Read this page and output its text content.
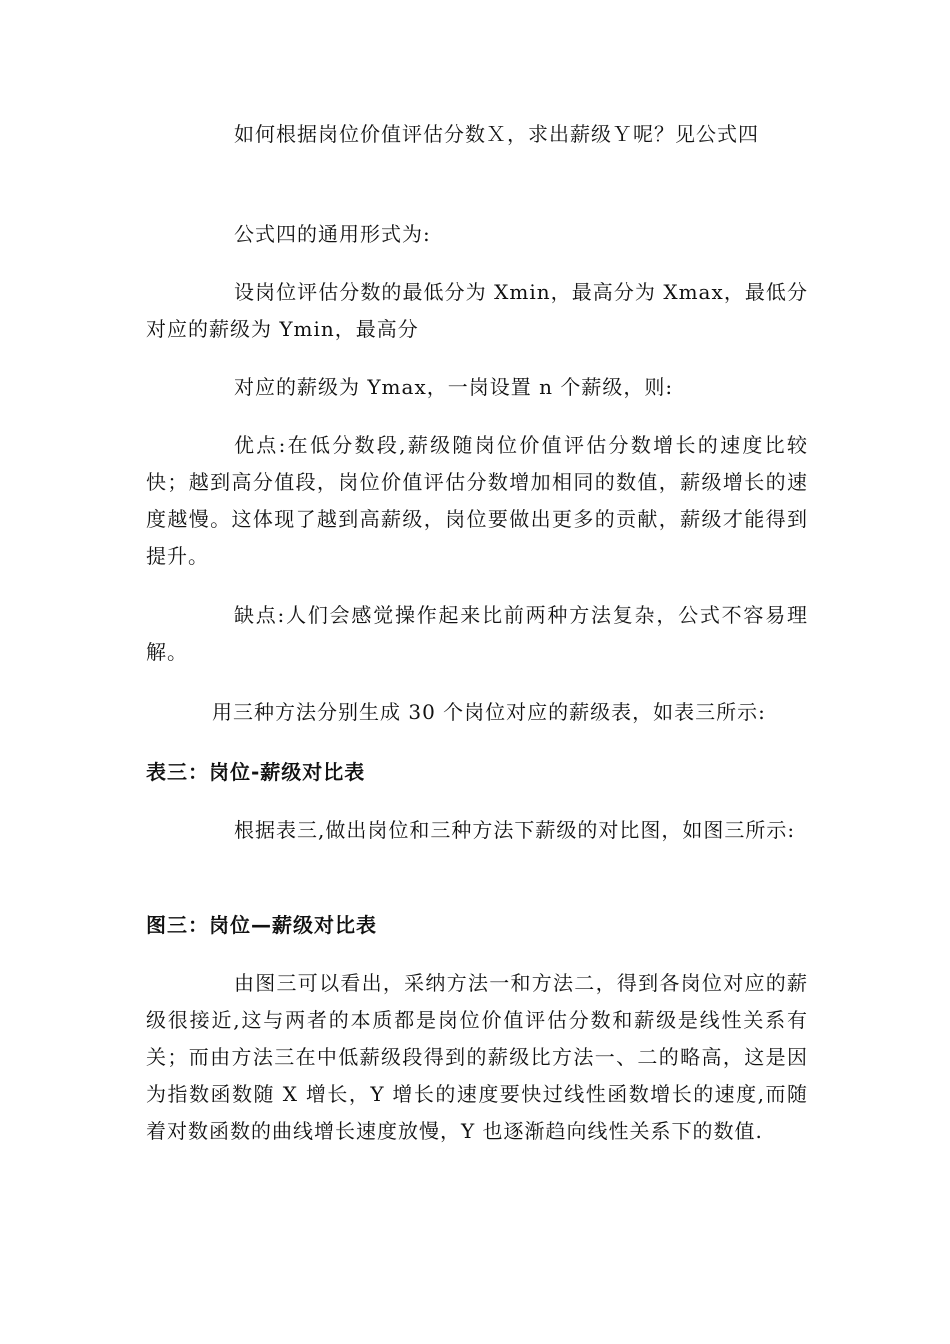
如何根据岗位价值评估分数Ｘ，求出薪级Ｙ呢？见公式四

公式四的通用形式为:

设岗位评估分数的最低分为 Xmin，最高分为 Xmax，最低分对应的薪级为 Ymin，最高分

对应的薪级为 Ymax，一岗设置 n 个薪级，则:

优点:在低分数段,薪级随岗位价值评估分数增长的速度比较快；越到高分值段，岗位价值评估分数增加相同的数值，薪级增长的速度越慢。这体现了越到高薪级，岗位要做出更多的贡献，薪级才能得到提升。

缺点:人们会感觉操作起来比前两种方法复杂，公式不容易理解。

用三种方法分别生成 30 个岗位对应的薪级表，如表三所示:

表三：岗位-薪级对比表

根据表三,做出岗位和三种方法下薪级的对比图，如图三所示:

图三：岗位—薪级对比表

由图三可以看出，采纳方法一和方法二，得到各岗位对应的薪级很接近,这与两者的本质都是岗位价值评估分数和薪级是线性关系有关；而由方法三在中低薪级段得到的薪级比方法一、二的略高，这是因为指数函数随 X 增长，Y 增长的速度要快过线性函数增长的速度,而随着对数函数的曲线增长速度放慢，Y 也逐渐趋向线性关系下的数值.
